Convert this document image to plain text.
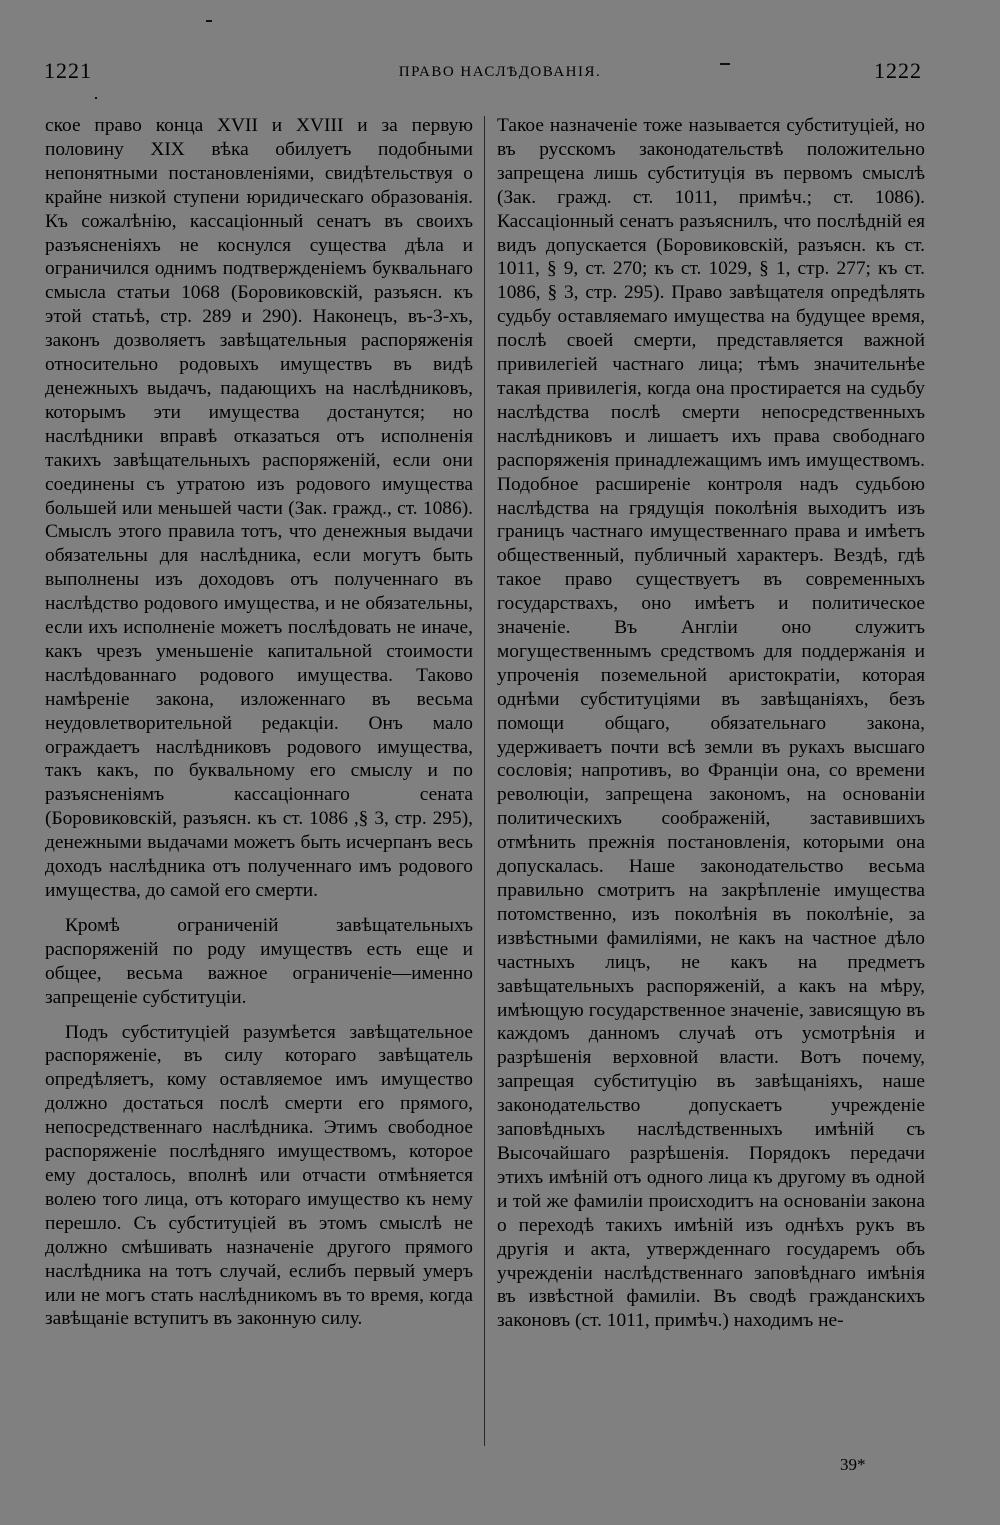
1221	ПРАВО НАСЛѢДОВАНІЯ.	1222

ское право конца XVII и XVIII и за первую половину XIX вѣка обилуетъ подобными непонятными постановленіями, свидѣтельствуя о крайне низкой ступени юридическаго образованія. Къ сожалѣнію, кассаціонный сенатъ въ своихъ разъясненіяхъ не коснулся существа дѣла и ограничился однимъ подтвержденіемъ буквальнаго смысла статьи 1068 (Боровиковскій, разъясн. къ этой статьѣ, стр. 289 и 290). Наконецъ, въ-3-хъ, законъ дозволяетъ завѣщательныя распоряженія относительно родовыхъ имуществъ въ видѣ денежныхъ выдачъ, падающихъ на наслѣдниковъ, которымъ эти имущества достанутся; но наслѣдники вправѣ отказаться отъ исполненія такихъ завѣщательныхъ распоряженій, если они соединены съ утратою изъ родового имущества большей или меньшей части (Зак. гражд., ст. 1086). Смыслъ этого правила тотъ, что денежныя выдачи обязательны для наслѣдника, если могутъ быть выполнены изъ доходовъ отъ полученнаго въ наслѣдство родового имущества, и не обязательны, если ихъ исполненіе можетъ послѣдовать не иначе, какъ чрезъ уменьшеніе капитальной стоимости наслѣдованнаго родового имущества. Таково намѣреніе закона, изложеннаго въ весьма неудовлетворительной редакціи. Онъ мало ограждаетъ наслѣдниковъ родового имущества, такъ какъ, по буквальному его смыслу и по разъясненіямъ кассаціоннаго сената (Боровиковскій, разъясн. къ ст. 1086 ,§ 3, стр. 295), денежными выдачами можетъ быть исчерпанъ весь доходъ наслѣдника отъ полученнаго имъ родового имущества, до самой его смерти.

Кромѣ ограниченій завѣщательныхъ распоряженій по роду имуществъ есть еще и общее, весьма важное ограниченіе—именно запрещеніе субституціи.

Подъ субституціей разумѣется завѣщательное распоряженіе, въ силу котораго завѣщатель опредѣляетъ, кому оставляемое имъ имущество должно достаться послѣ смерти его прямого, непосредственнаго наслѣдника. Этимъ свободное распоряженіе послѣдняго имуществомъ, которое ему досталось, вполнѣ или отчасти отмѣняется волею того лица, отъ котораго имущество къ нему перешло. Съ субституціей въ этомъ смыслѣ не должно смѣшивать назначеніе другого прямого наслѣдника на тотъ случай, еслибъ первый умеръ или не могъ стать наслѣдникомъ въ то время, когда завѣщаніе вступитъ въ законную силу.

Такое назначеніе тоже называется субституціей, но въ русскомъ законодательствѣ положительно запрещена лишь субституція въ первомъ смыслѣ (Зак. гражд. ст. 1011, примѣч.; ст. 1086). Кассаціонный сенатъ разъяснилъ, что послѣдній ея видъ допускается (Боровиковскій, разъясн. къ ст. 1011, § 9, ст. 270; къ ст. 1029, § 1, стр. 277; къ ст. 1086, § 3, стр. 295). Право завѣщателя опредѣлять судьбу оставляемаго имущества на будущее время, послѣ своей смерти, представляется важной привилегіей частнаго лица; тѣмъ значительнѣе такая привилегія, когда она простирается на судьбу наслѣдства послѣ смерти непосредственныхъ наслѣдниковъ и лишаетъ ихъ права свободнаго распоряженія принадлежащимъ имъ имуществомъ. Подобное расширеніе контроля надъ судьбою наслѣдства на грядущія поколѣнія выходитъ изъ границъ частнаго имущественнаго права и имѣетъ общественный, публичный характеръ. Вездѣ, гдѣ такое право существуетъ въ современныхъ государствахъ, оно имѣетъ и политическое значеніе. Въ Англіи оно служитъ могущественнымъ средствомъ для поддержанія и упроченія поземельной аристократіи, которая однѣми субституціями въ завѣщаніяхъ, безъ помощи общаго, обязательнаго закона, удерживаетъ почти всѣ земли въ рукахъ высшаго сословія; напротивъ, во Франціи она, со времени революціи, запрещена закономъ, на основаніи политическихъ соображеній, заставившихъ отмѣнить прежнія постановленія, которыми она допускалась. Наше законодательство весьма правильно смотритъ на закрѣпленіе имущества потомственно, изъ поколѣнія въ поколѣніе, за извѣстными фамиліями, не какъ на частное дѣло частныхъ лицъ, не какъ на предметъ завѣщательныхъ распоряженій, а какъ на мѣру, имѣющую государственное значеніе, зависящую въ каждомъ данномъ случаѣ отъ усмотрѣнія и разрѣшенія верховной власти. Вотъ почему, запрещая субституцію въ завѣщаніяхъ, наше законодательство допускаетъ учрежденіе заповѣдныхъ наслѣдственныхъ имѣній съ Высочайшаго разрѣшенія. Порядокъ передачи этихъ имѣній отъ одного лица къ другому въ одной и той же фамиліи происходитъ на основаніи закона о переходѣ такихъ имѣній изъ однѣхъ рукъ въ другія и акта, утвержденнаго государемъ объ учрежденіи наслѣдственнаго заповѣднаго имѣнія въ извѣстной фамиліи. Въ сводѣ гражданскихъ законовъ (ст. 1011, примѣч.) находимъ не-

39*
